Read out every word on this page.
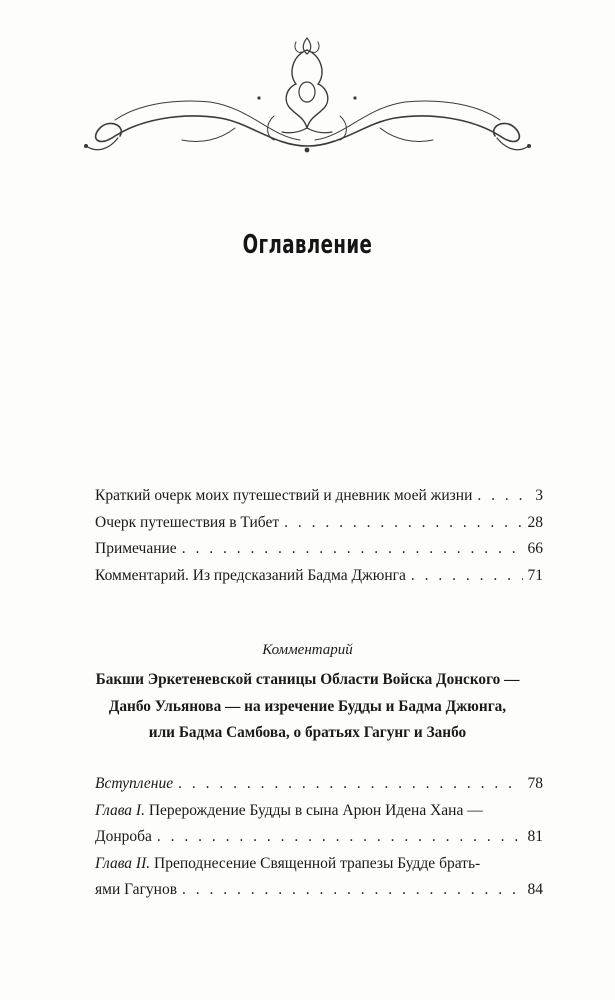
Оглавление
Краткий очерк моих путешествий и дневник моей жизни . . .	3
Очерк путешествия в Тибет . . .	28
Примечание . . .	66
Комментарий. Из предсказаний Бадма Джюнга . . .	71
Комментарий
Бакши Эркетеневской станицы Области Войска Донского —
Данбо Ульянова — на изречение Будды и Бадма Джюнга,
или Бадма Самбова, о братьях Гагунг и Занбо
Вступление . . .	78
Глава I. Перерождение Будды в сына Арюн Идена Хана —
Донроба . . .	81
Глава II. Преподнесение Священной трапезы Будде брать-
ями Гагунов . . .	84
